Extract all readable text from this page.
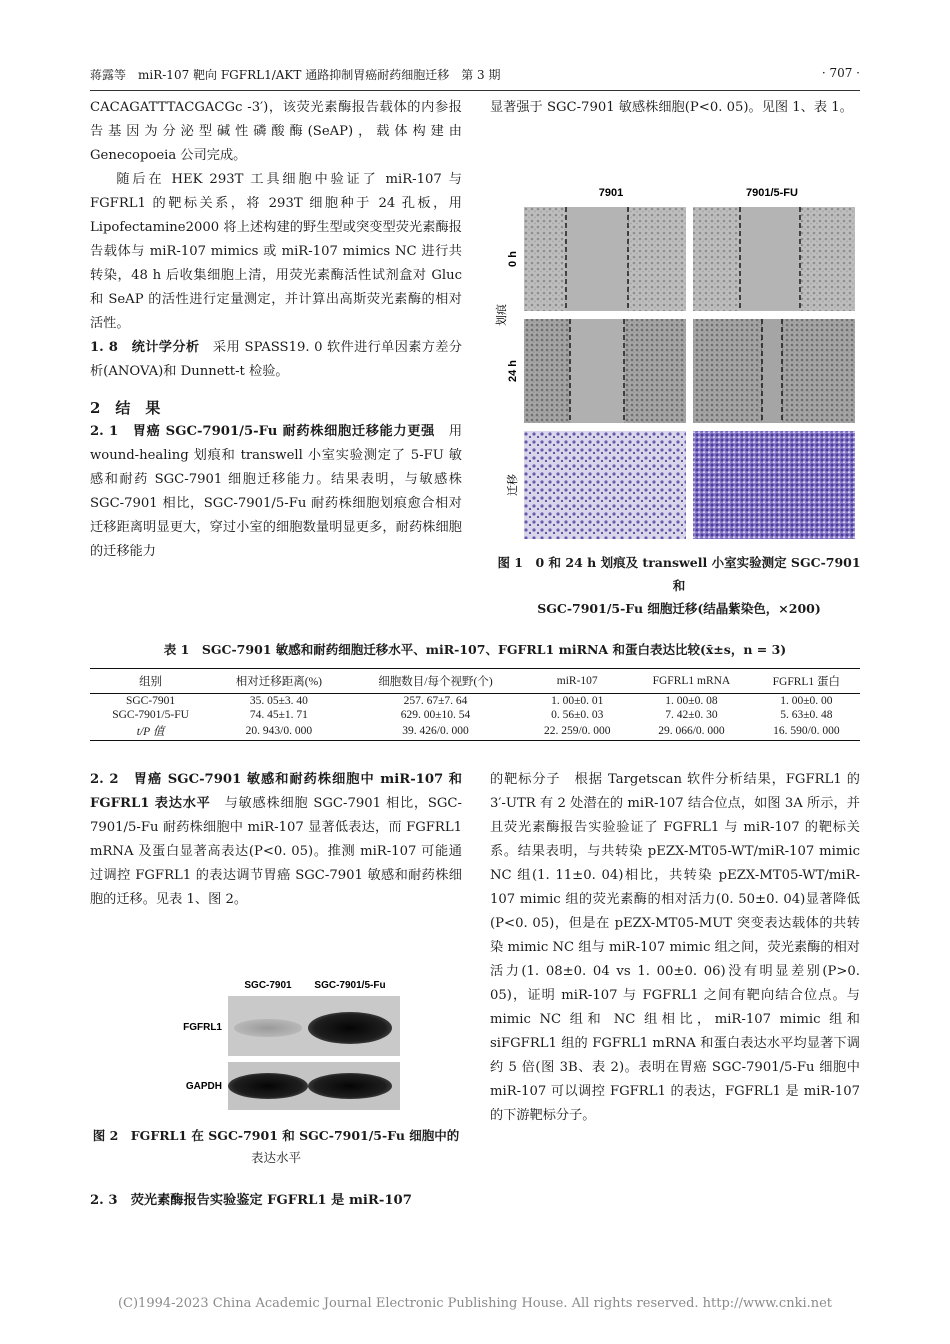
蒋露等　miR-107 靶向 FGFRL1/AKT 通路抑制胃癌耐药细胞迁移　第 3 期	· 707 ·

CACAGATTTACGACGc -3′)，该荧光素酶报告载体的内参报告基因为分泌型碱性磷酸酶(SeAP)，载体构建由 Genecopoeia 公司完成。

随后在 HEK 293T 工具细胞中验证了 miR-107 与 FGFRL1 的靶标关系，将 293T 细胞种于 24 孔板，用 Lipofectamine2000 将上述构建的野生型或突变型荧光素酶报告载体与 miR-107 mimics 或 miR-107 mimics NC 进行共转染，48 h 后收集细胞上清，用荧光素酶活性试剂盒对 Gluc 和 SeAP 的活性进行定量测定，并计算出高斯荧光素酶的相对活性。

1. 8　统计学分析　采用 SPASS19. 0 软件进行单因素方差分析(ANOVA)和 Dunnett-t 检验。

2　结　果

2. 1　胃癌 SGC-7901/5-Fu 耐药株细胞迁移能力更强　用 wound-healing 划痕和 transwell 小室实验测定了 5-FU 敏感和耐药 SGC-7901 细胞迁移能力。结果表明，与敏感株 SGC-7901 相比，SGC-7901/5-Fu 耐药株细胞划痕愈合相对迁移距离明显更大，穿过小室的细胞数量明显更多，耐药株细胞的迁移能力

显著强于 SGC-7901 敏感株细胞(P<0. 05)。见图 1、表 1。

7901	7901/5-FU
0 h
24 h
划痕
迁移
图 1　0 和 24 h 划痕及 transwell 小室实验测定 SGC-7901 和
SGC-7901/5-Fu 细胞迁移(结晶紫染色，×200)
表 1　SGC-7901 敏感和耐药细胞迁移水平、miR-107、FGFRL1 miRNA 和蛋白表达比较(x̄±s，n = 3)
组别	相对迁移距离(%)	细胞数目/每个视野(个)	miR-107	FGFRL1 mRNA	FGFRL1 蛋白
SGC-7901	35. 05±3. 40	257. 67±7. 64	1. 00±0. 01	1. 00±0. 08	1. 00±0. 00
SGC-7901/5-FU	74. 45±1. 71	629. 00±10. 54	0. 56±0. 03	7. 42±0. 30	5. 63±0. 48
t/P 值	20. 943/0. 000	39. 426/0. 000	22. 259/0. 000	29. 066/0. 000	16. 590/0. 000

2. 2　胃癌 SGC-7901 敏感和耐药株细胞中 miR-107 和 FGFRL1 表达水平　与敏感株细胞 SGC-7901 相比，SGC-7901/5-Fu 耐药株细胞中 miR-107 显著低表达，而 FGFRL1 mRNA 及蛋白显著高表达(P<0. 05)。推测 miR-107 可能通过调控 FGFRL1 的表达调节胃癌 SGC-7901 敏感和耐药株细胞的迁移。见表 1、图 2。

SGC-7901 SGC-7901/5-Fu
FGFRL1
GAPDH
图 2　FGFRL1 在 SGC-7901 和 SGC-7901/5-Fu 细胞中的
表达水平

2. 3　荧光素酶报告实验鉴定 FGFRL1 是 miR-107

的靶标分子　根据 Targetscan 软件分析结果，FGFRL1 的 3′-UTR 有 2 处潜在的 miR-107 结合位点，如图 3A 所示，并且荧光素酶报告实验验证了 FGFRL1 与 miR-107 的靶标关系。结果表明，与共转染 pEZX-MT05-WT/miR-107 mimic NC 组(1. 11±0. 04)相比，共转染 pEZX-MT05-WT/miR-107 mimic 组的荧光素酶的相对活力(0. 50±0. 04)显著降低(P<0. 05)，但是在 pEZX-MT05-MUT 突变表达载体的共转染 mimic NC 组与 miR-107 mimic 组之间，荧光素酶的相对活力(1. 08±0. 04 vs 1. 00±0. 06)没有明显差别(P>0. 05)，证明 miR-107 与 FGFRL1 之间有靶向结合位点。与 mimic NC 组和 NC 组相比，miR-107 mimic 组和 siFGFRL1 组的 FGFRL1 mRNA 和蛋白表达水平均显著下调约 5 倍(图 3B、表 2)。表明在胃癌 SGC-7901/5-Fu 细胞中 miR-107 可以调控 FGFRL1 的表达，FGFRL1 是 miR-107 的下游靶标分子。

(C)1994-2023 China Academic Journal Electronic Publishing House. All rights reserved. http://www.cnki.net
